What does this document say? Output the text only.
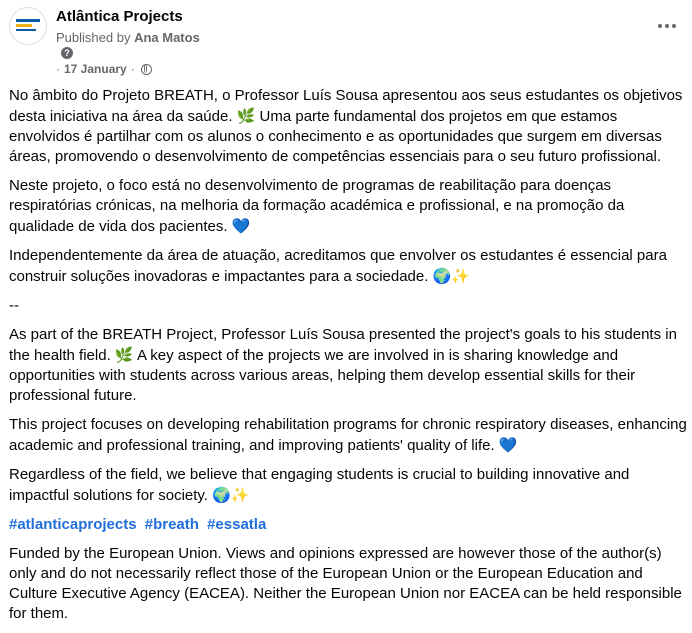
Atlântica Projects
Published by Ana Matos
?
· 17 January ·

No âmbito do Projeto BREATH, o Professor Luís Sousa apresentou aos seus estudantes os objetivos desta iniciativa na área da saúde. 🌿 Uma parte fundamental dos projetos em que estamos envolvidos é partilhar com os alunos o conhecimento e as oportunidades que surgem em diversas áreas, promovendo o desenvolvimento de competências essenciais para o seu futuro profissional.

Neste projeto, o foco está no desenvolvimento de programas de reabilitação para doenças respiratórias crónicas, na melhoria da formação académica e profissional, e na promoção da qualidade de vida dos pacientes. 💙

Independentemente da área de atuação, acreditamos que envolver os estudantes é essencial para construir soluções inovadoras e impactantes para a sociedade. 🌍✨

--

As part of the BREATH Project, Professor Luís Sousa presented the project's goals to his students in the health field. 🌿 A key aspect of the projects we are involved in is sharing knowledge and opportunities with students across various areas, helping them develop essential skills for their professional future.

This project focuses on developing rehabilitation programs for chronic respiratory diseases, enhancing academic and professional training, and improving patients' quality of life. 💙

Regardless of the field, we believe that engaging students is crucial to building innovative and impactful solutions for society. 🌍✨

#atlanticaprojects #breath #essatla

Funded by the European Union. Views and opinions expressed are however those of the author(s) only and do not necessarily reflect those of the European Union or the European Education and Culture Executive Agency (EACEA). Neither the European Union nor EACEA can be held responsible for them.
